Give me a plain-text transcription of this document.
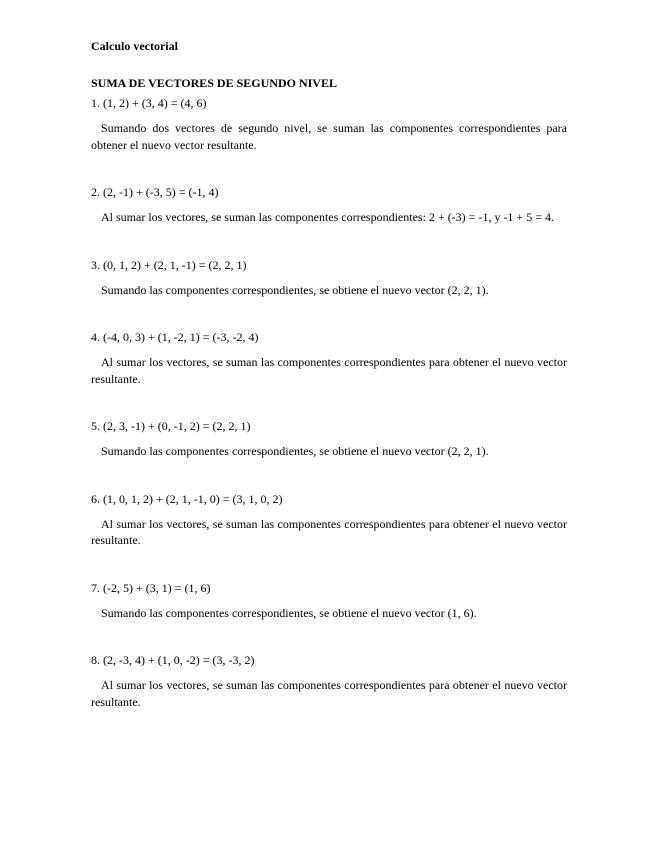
Calculo vectorial
SUMA DE VECTORES DE SEGUNDO NIVEL

1. (1, 2) + (3, 4) = (4, 6)

Sumando dos vectores de segundo nivel, se suman las componentes correspondientes para obtener el nuevo vector resultante.

2. (2, -1) + (-3, 5) = (-1, 4)

Al sumar los vectores, se suman las componentes correspondientes: 2 + (-3) = -1, y -1 + 5 = 4.

3. (0, 1, 2) + (2, 1, -1) = (2, 2, 1)

Sumando las componentes correspondientes, se obtiene el nuevo vector (2, 2, 1).

4. (-4, 0, 3) + (1, -2, 1) = (-3, -2, 4)

Al sumar los vectores, se suman las componentes correspondientes para obtener el nuevo vector resultante.

5. (2, 3, -1) + (0, -1, 2) = (2, 2, 1)

Sumando las componentes correspondientes, se obtiene el nuevo vector (2, 2, 1).

6. (1, 0, 1, 2) + (2, 1, -1, 0) = (3, 1, 0, 2)

Al sumar los vectores, se suman las componentes correspondientes para obtener el nuevo vector resultante.

7. (-2, 5) + (3, 1) = (1, 6)

Sumando las componentes correspondientes, se obtiene el nuevo vector (1, 6).

8. (2, -3, 4) + (1, 0, -2) = (3, -3, 2)

Al sumar los vectores, se suman las componentes correspondientes para obtener el nuevo vector resultante.
